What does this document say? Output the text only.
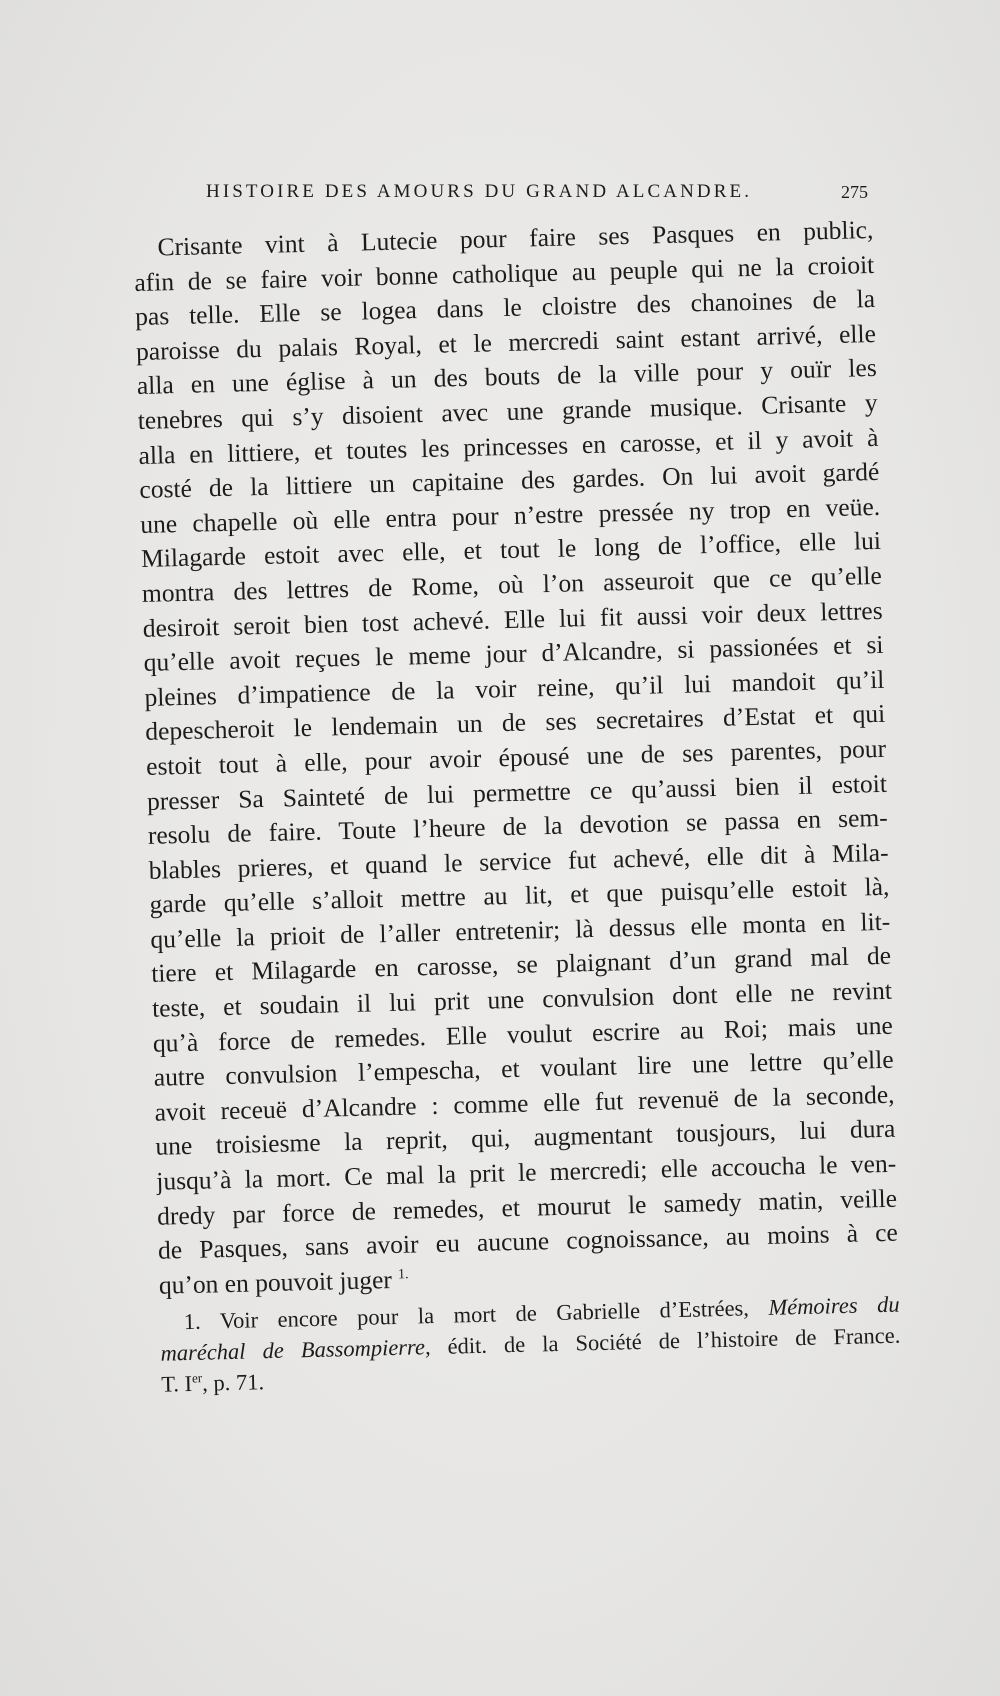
HISTOIRE DES AMOURS DU GRAND ALCANDRE.	275
Crisante vint à Lutecie pour faire ses Pasques en public,
afin de se faire voir bonne catholique au peuple qui ne la croioit
pas telle. Elle se logea dans le cloistre des chanoines de la
paroisse du palais Royal, et le mercredi saint estant arrivé, elle
alla en une église à un des bouts de la ville pour y ouïr les
tenebres qui s’y disoient avec une grande musique. Crisante y
alla en littiere, et toutes les princesses en carosse, et il y avoit à
costé de la littiere un capitaine des gardes. On lui avoit gardé
une chapelle où elle entra pour n’estre pressée ny trop en veüe.
Milagarde estoit avec elle, et tout le long de l’office, elle lui
montra des lettres de Rome, où l’on asseuroit que ce qu’elle
desiroit seroit bien tost achevé. Elle lui fit aussi voir deux lettres
qu’elle avoit reçues le meme jour d’Alcandre, si passionées et si
pleines d’impatience de la voir reine, qu’il lui mandoit qu’il
depescheroit le lendemain un de ses secretaires d’Estat et qui
estoit tout à elle, pour avoir épousé une de ses parentes, pour
presser Sa Sainteté de lui permettre ce qu’aussi bien il estoit
resolu de faire. Toute l’heure de la devotion se passa en sem-
blables prieres, et quand le service fut achevé, elle dit à Mila-
garde qu’elle s’alloit mettre au lit, et que puisqu’elle estoit là,
qu’elle la prioit de l’aller entretenir; là dessus elle monta en lit-
tiere et Milagarde en carosse, se plaignant d’un grand mal de
teste, et soudain il lui prit une convulsion dont elle ne revint
qu’à force de remedes. Elle voulut escrire au Roi; mais une
autre convulsion l’empescha, et voulant lire une lettre qu’elle
avoit receuë d’Alcandre : comme elle fut revenuë de la seconde,
une troisiesme la reprit, qui, augmentant tousjours, lui dura
jusqu’à la mort. Ce mal la prit le mercredi; elle accoucha le ven-
dredy par force de remedes, et mourut le samedy matin, veille
de Pasques, sans avoir eu aucune cognoissance, au moins à ce
qu’on en pouvoit juger $^{1.}$
1. Voir encore pour la mort de Gabrielle d’Estrées, Mémoires du
maréchal de Bassompierre, édit. de la Société de l’histoire de France.
T. Ier, p. 71.
